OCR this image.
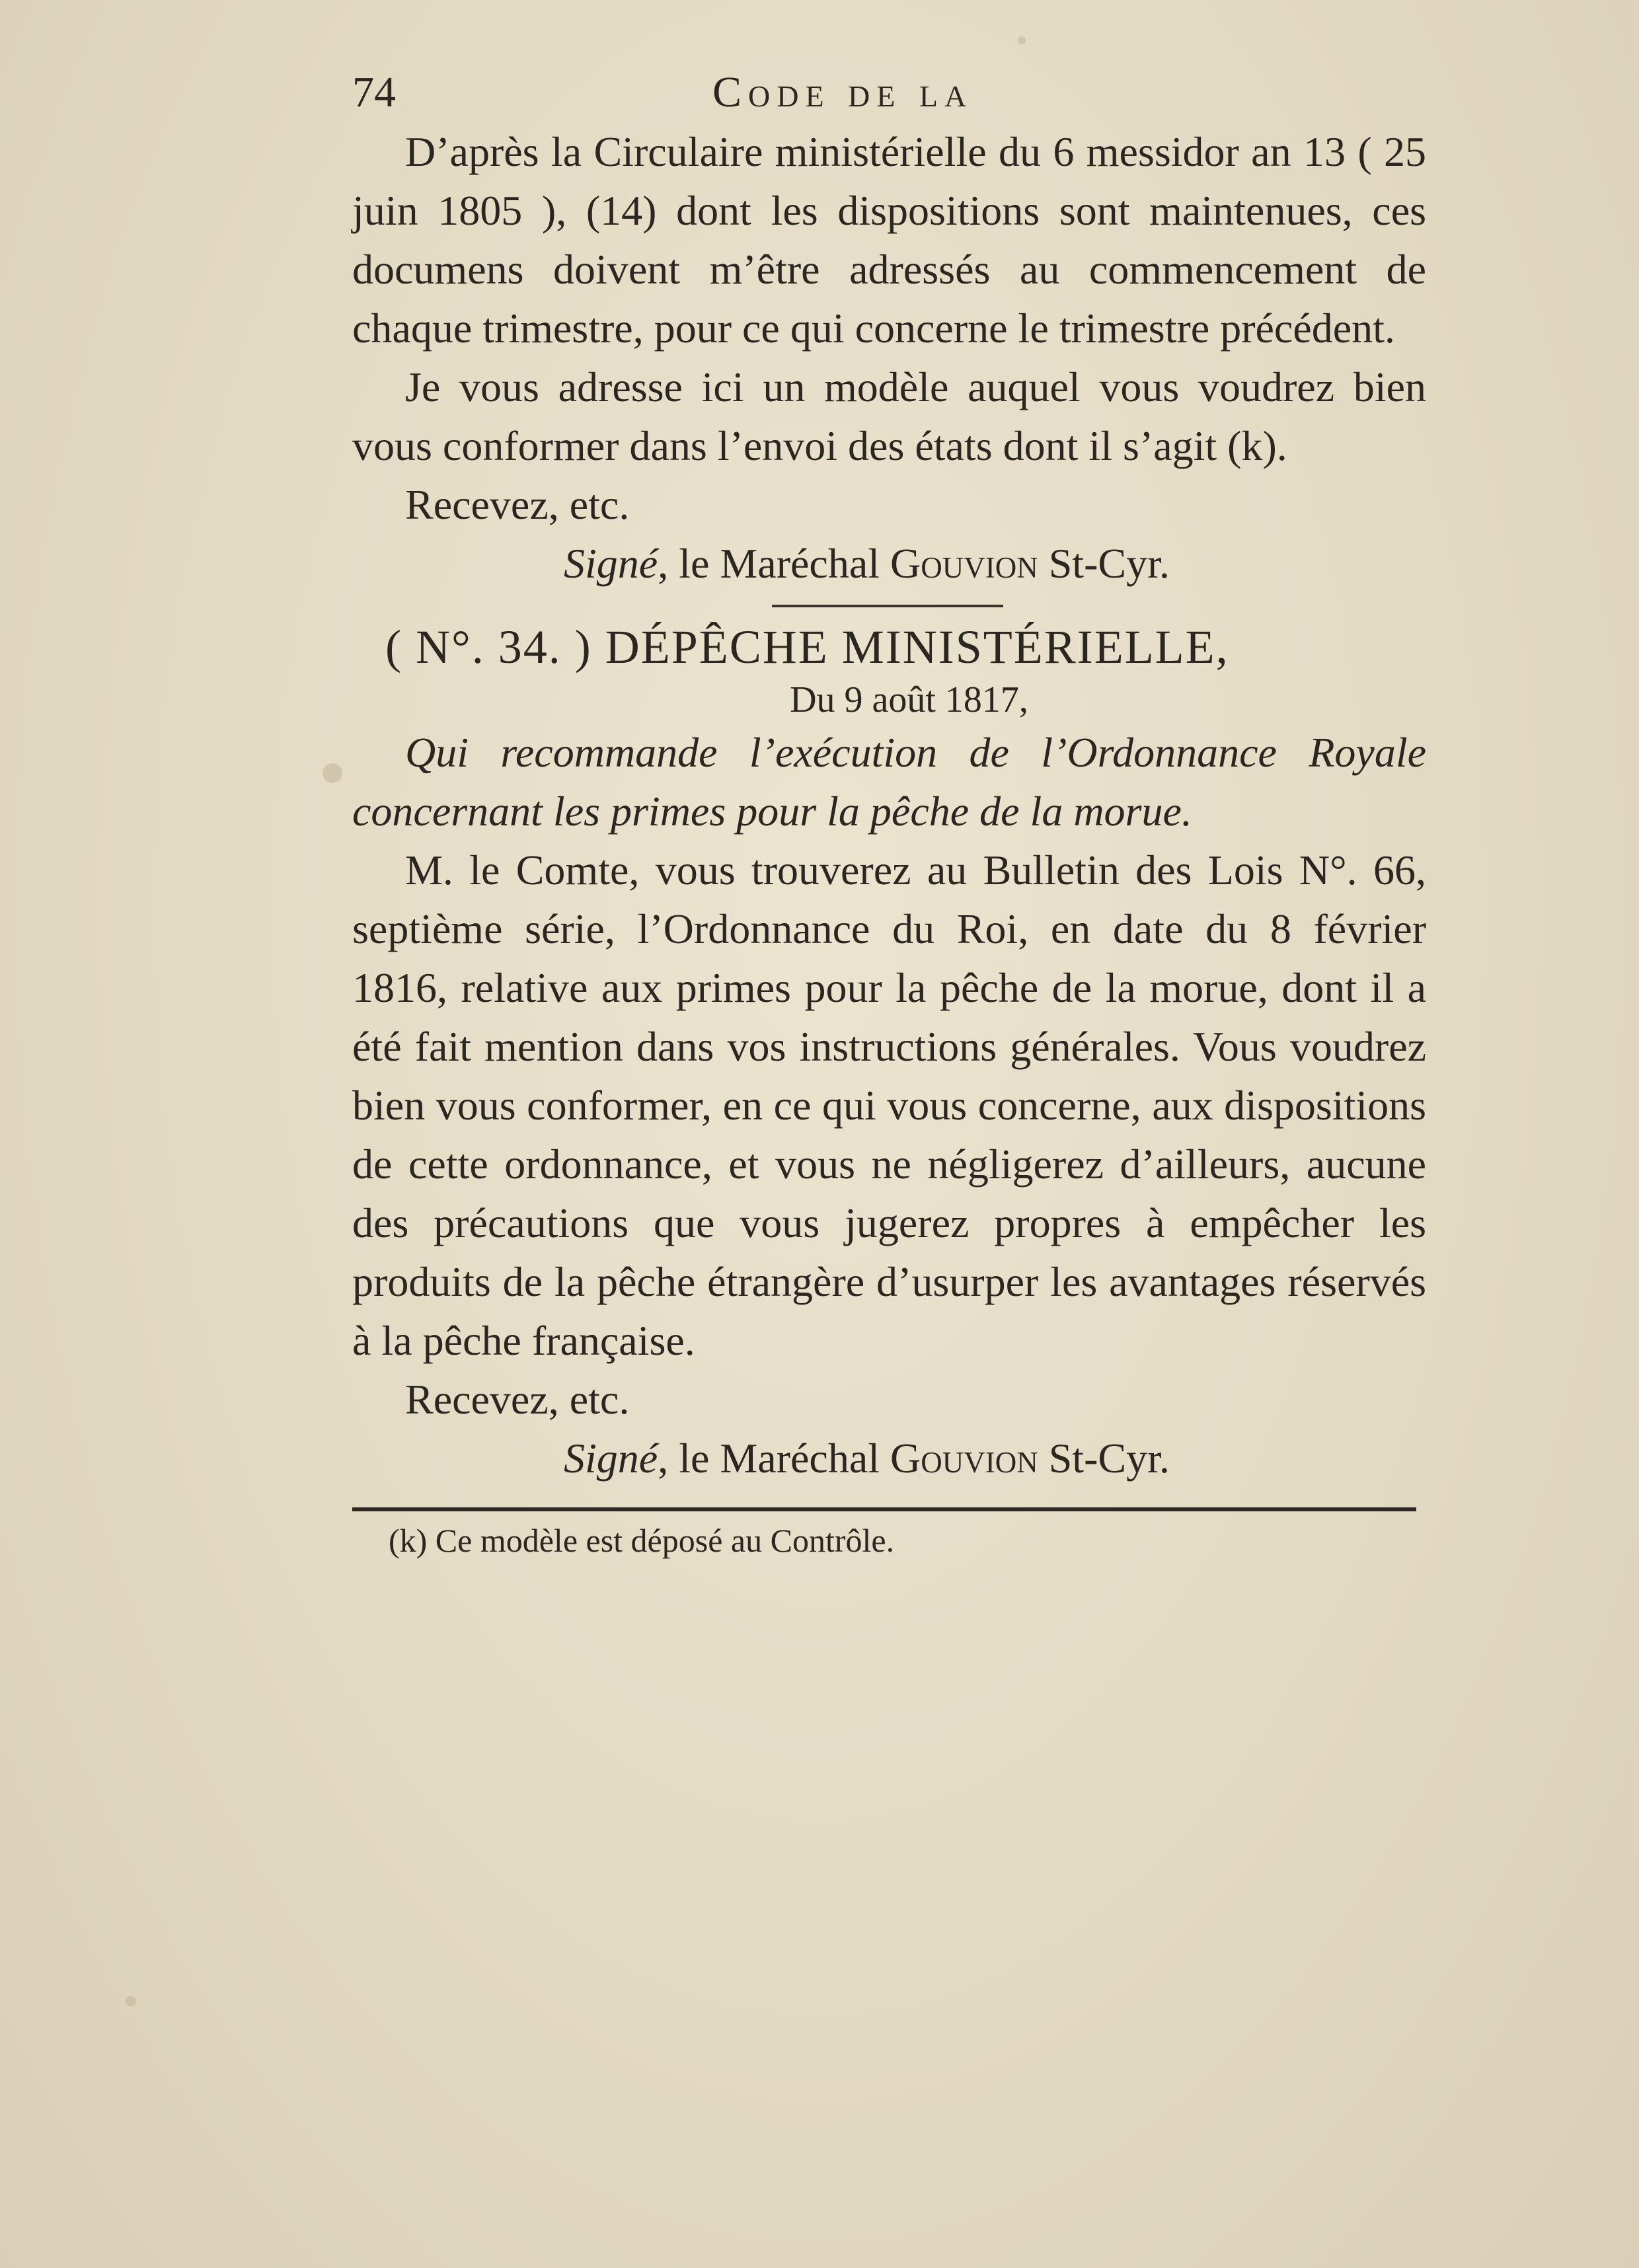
74	Code de la

D’après la Circulaire ministérielle du 6 messidor an 13 ( 25 juin 1805 ), (14) dont les dispositions sont maintenues, ces documens doivent m’être adressés au commencement de chaque trimestre, pour ce qui concerne le trimestre précédent.

Je vous adresse ici un modèle auquel vous voudrez bien vous conformer dans l’envoi des états dont il s’agit (k).

Recevez, etc.

Signé, le Maréchal Gouvion St-Cyr.

( N°. 34. ) DÉPÊCHE MINISTÉRIELLE,

Du 9 août 1817,

Qui recommande l’exécution de l’Ordonnance Royale concernant les primes pour la pêche de la morue.

M. le Comte, vous trouverez au Bulletin des Lois N°. 66, septième série, l’Ordonnance du Roi, en date du 8 février 1816, relative aux primes pour la pêche de la morue, dont il a été fait mention dans vos instructions générales. Vous voudrez bien vous conformer, en ce qui vous concerne, aux dispositions de cette ordonnance, et vous ne négligerez d’ailleurs, aucune des précautions que vous jugerez propres à empêcher les produits de la pêche étrangère d’usurper les avantages réservés à la pêche française.

Recevez, etc.

Signé, le Maréchal Gouvion St-Cyr.

(k) Ce modèle est déposé au Contrôle.
